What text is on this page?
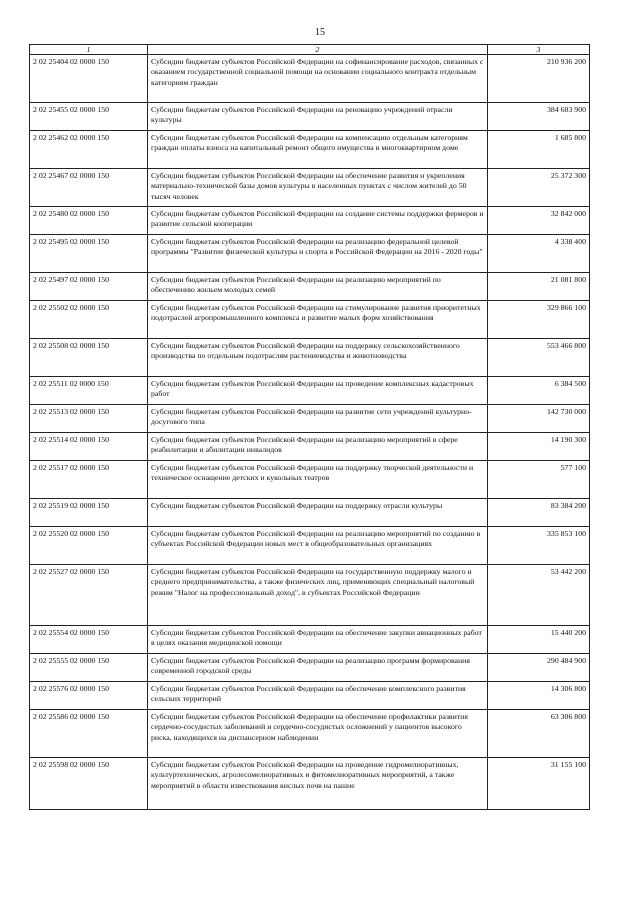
15
1	2	3
2 02 25404 02 0000 150	Субсидии бюджетам субъектов Российской Федерации на софинансирование расходов, связанных с оказанием государственной социальной помощи на основании социального контракта отдельным категориям граждан	210 936 200
2 02 25455 02 0000 150	Субсидии бюджетам субъектов Российской Федерации на реновацию учреждений отрасли культуры	384 683 900
2 02 25462 02 0000 150	Субсидии бюджетам субъектов Российской Федерации на компенсацию отдельным категориям граждан оплаты взноса на капитальный ремонт общего имущества в многоквартирном доме	1 685 800
2 02 25467 02 0000 150	Субсидии бюджетам субъектов Российской Федерации на обеспечение развития и укрепления материально-технической базы домов культуры в населенных пунктах с числом жителей до 50 тысяч человек	25 372 300
2 02 25480 02 0000 150	Субсидии бюджетам субъектов Российской Федерации на создание системы поддержки фермеров и развитие сельской кооперации	32 842 000
2 02 25495 02 0000 150	Субсидии бюджетам субъектов Российской Федерации на реализацию федеральной целевой программы "Развитие физической культуры и спорта в Российской Федерации на 2016 - 2020 годы"	4 338 400
2 02 25497 02 0000 150	Субсидии бюджетам субъектов Российской Федерации на реализацию мероприятий по обеспечению жильем молодых семей	21 081 800
2 02 25502 02 0000 150	Субсидии бюджетам субъектов Российской Федерации на стимулирование развития приоритетных подотраслей агропромышленного комплекса и развитие малых форм хозяйствования	329 866 100
2 02 25508 02 0000 150	Субсидии бюджетам субъектов Российской Федерации на поддержку сельскохозяйственного производства по отдельным подотраслям растениеводства и животноводства	553 466 800
2 02 25511 02 0000 150	Субсидии бюджетам субъектов Российской Федерации на проведение комплексных кадастровых работ	6 384 500
2 02 25513 02 0000 150	Субсидии бюджетам субъектов Российской Федерации на развитие сети учреждений культурно-досугового типа	142 730 000
2 02 25514 02 0000 150	Субсидии бюджетам субъектов Российской Федерации на реализацию мероприятий в сфере реабилитации и абилитации инвалидов	14 190 300
2 02 25517 02 0000 150	Субсидии бюджетам субъектов Российской Федерации на поддержку творческой деятельности и техническое оснащение детских и кукольных театров	577 100
2 02 25519 02 0000 150	Субсидии бюджетам субъектов Российской Федерации на поддержку отрасли культуры	83 384 200
2 02 25520 02 0000 150	Субсидии бюджетам субъектов Российской Федерации на реализацию мероприятий по созданию в субъектах Российской Федерации новых мест в общеобразовательных организациях	335 853 100
2 02 25527 02 0000 150	Субсидии бюджетам субъектов Российской Федерации на государственную поддержку малого и среднего предпринимательства, а также физических лиц, применяющих специальный налоговый режим "Налог на профессиональный доход", в субъектах Российской Федерации	53 442 200
2 02 25554 02 0000 150	Субсидии бюджетам субъектов Российской Федерации на обеспечение закупки авиационных работ в целях оказания медицинской помощи	15 440 200
2 02 25555 02 0000 150	Субсидии бюджетам субъектов Российской Федерации на реализацию программ формирования современной городской среды	290 484 900
2 02 25576 02 0000 150	Субсидии бюджетам субъектов Российской Федерации на обеспечение комплексного развития сельских территорий	14 306 800
2 02 25586 02 0000 150	Субсидии бюджетам субъектов Российской Федерации на обеспечение профилактики развития сердечно-сосудистых заболеваний и сердечно-сосудистых осложнений у пациентов высокого риска, находящихся на диспансерном наблюдении	63 306 800
2 02 25598 02 0000 150	Субсидии бюджетам субъектов Российской Федерации на проведение гидромелиоративных, культуртехнических, агролесомелиоративных и фитомелиоративных мероприятий, а также мероприятий в области известкования кислых почв на пашне	31 155 100
